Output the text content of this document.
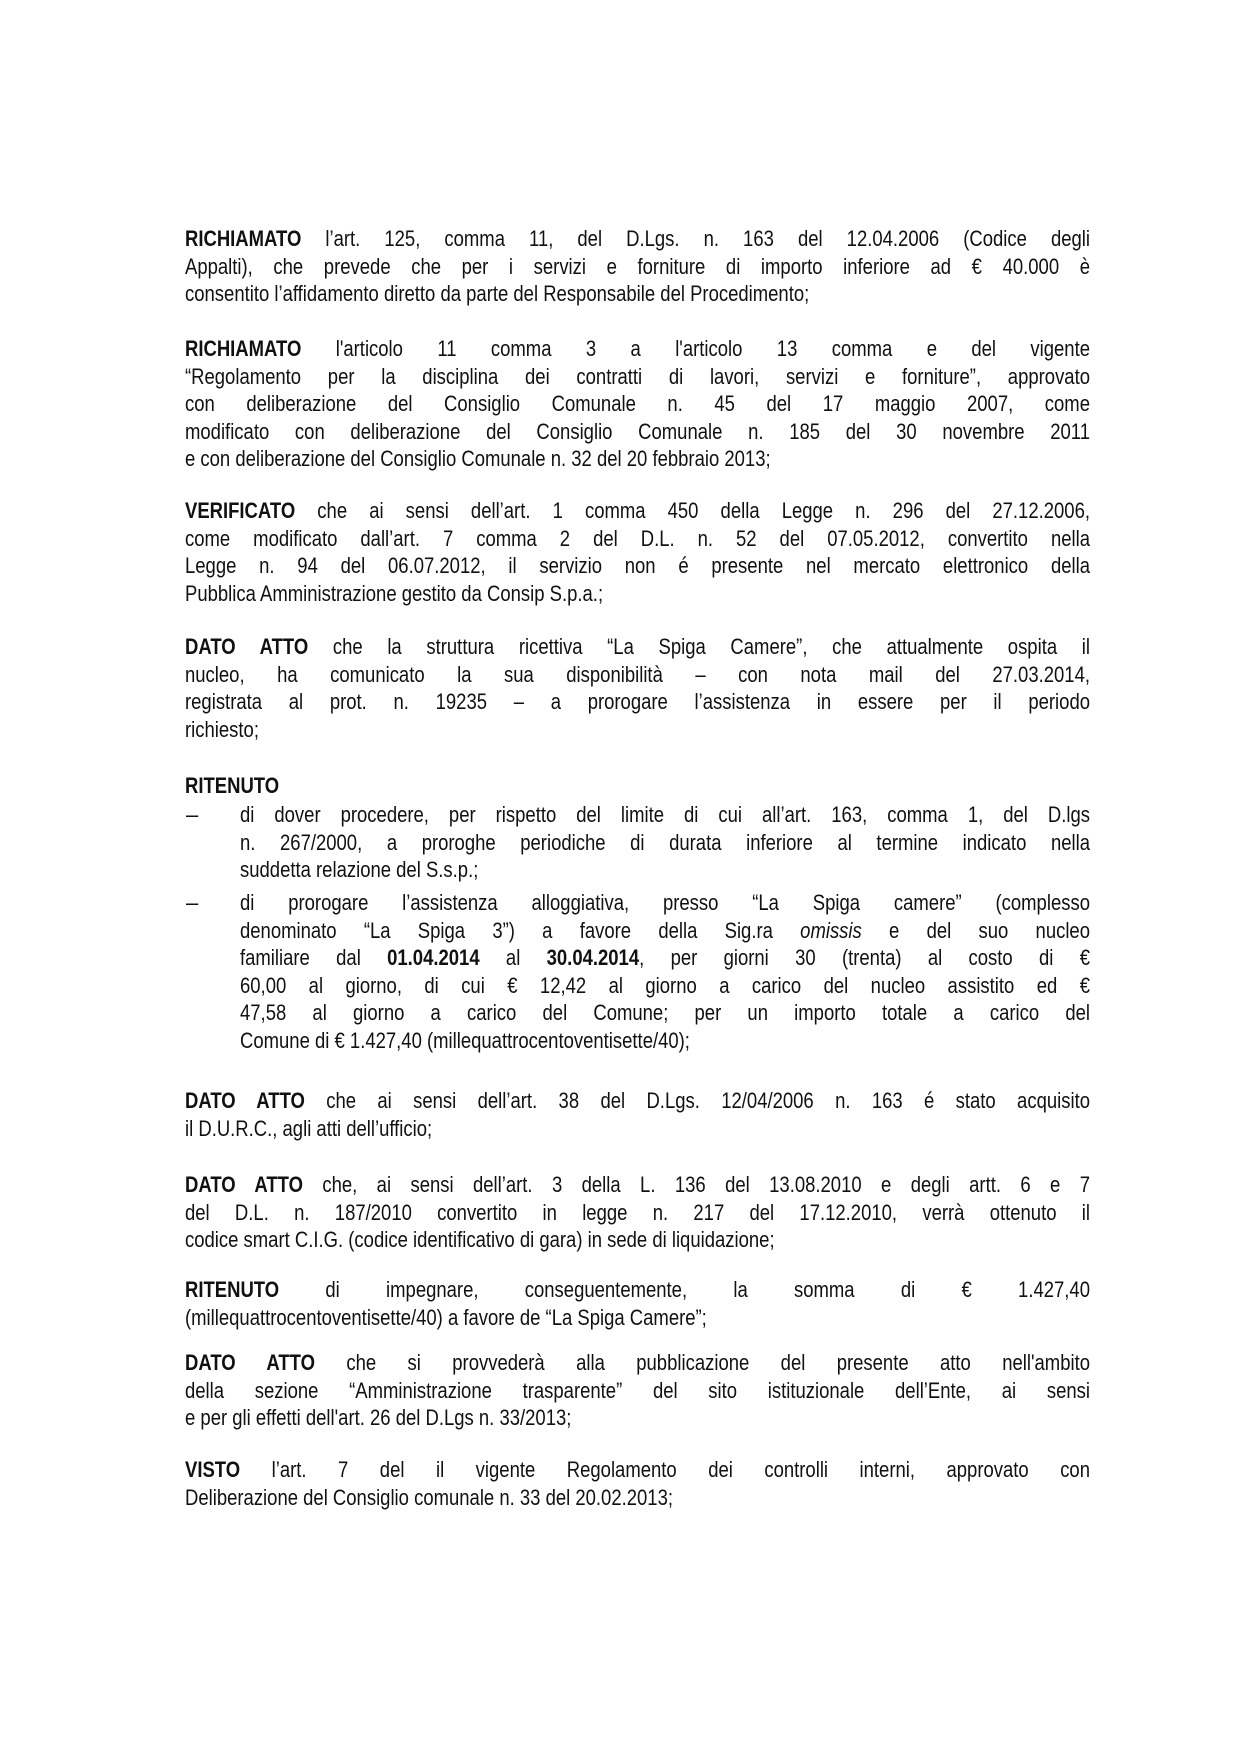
RICHIAMATO l’art. 125, comma 11, del D.Lgs. n. 163 del 12.04.2006 (Codice degli
Appalti), che prevede che per i servizi e forniture di importo inferiore ad € 40.000 è
consentito l’affidamento diretto da parte del Responsabile del Procedimento;
RICHIAMATO l'articolo 11 comma 3 a l'articolo 13 comma e del vigente
“Regolamento per la disciplina dei contratti di lavori, servizi e forniture”, approvato
con deliberazione del Consiglio Comunale n. 45 del 17 maggio 2007, come
modificato con deliberazione del Consiglio Comunale n. 185 del 30 novembre 2011
e con deliberazione del Consiglio Comunale n. 32 del 20 febbraio 2013;
VERIFICATO che ai sensi dell’art. 1 comma 450 della Legge n. 296 del 27.12.2006,
come modificato dall’art. 7 comma 2 del D.L. n. 52 del 07.05.2012, convertito nella
Legge n. 94 del 06.07.2012, il servizio non é presente nel mercato elettronico della
Pubblica Amministrazione gestito da Consip S.p.a.;
DATO ATTO che la struttura ricettiva “La Spiga Camere”, che attualmente ospita il
nucleo, ha comunicato la sua disponibilità – con nota mail del 27.03.2014,
registrata al prot. n. 19235 – a prorogare l’assistenza in essere per il periodo
richiesto;
RITENUTO
– di dover procedere, per rispetto del limite di cui all’art. 163, comma 1, del D.lgs
n. 267/2000, a proroghe periodiche di durata inferiore al termine indicato nella
suddetta relazione del S.s.p.;
– di prorogare l’assistenza alloggiativa, presso “La Spiga camere” (complesso
denominato “La Spiga 3”) a favore della Sig.ra omissis e del suo nucleo
familiare dal 01.04.2014 al 30.04.2014, per giorni 30 (trenta) al costo di €
60,00 al giorno, di cui € 12,42 al giorno a carico del nucleo assistito ed €
47,58 al giorno a carico del Comune; per un importo totale a carico del
Comune di € 1.427,40 (millequattrocentoventisette/40);
DATO ATTO che ai sensi dell’art. 38 del D.Lgs. 12/04/2006 n. 163 é stato acquisito
il D.U.R.C., agli atti dell’ufficio;
DATO ATTO che, ai sensi dell’art. 3 della L. 136 del 13.08.2010 e degli artt. 6 e 7
del D.L. n. 187/2010 convertito in legge n. 217 del 17.12.2010, verrà ottenuto il
codice smart C.I.G. (codice identificativo di gara) in sede di liquidazione;
RITENUTO di impegnare, conseguentemente, la somma di € 1.427,40
(millequattrocentoventisette/40) a favore de “La Spiga Camere”;
DATO ATTO che si provvederà alla pubblicazione del presente atto nell'ambito
della sezione “Amministrazione trasparente” del sito istituzionale dell’Ente, ai sensi
e per gli effetti dell'art. 26 del D.Lgs n. 33/2013;
VISTO l’art. 7 del il vigente Regolamento dei controlli interni, approvato con
Deliberazione del Consiglio comunale n. 33 del 20.02.2013;
